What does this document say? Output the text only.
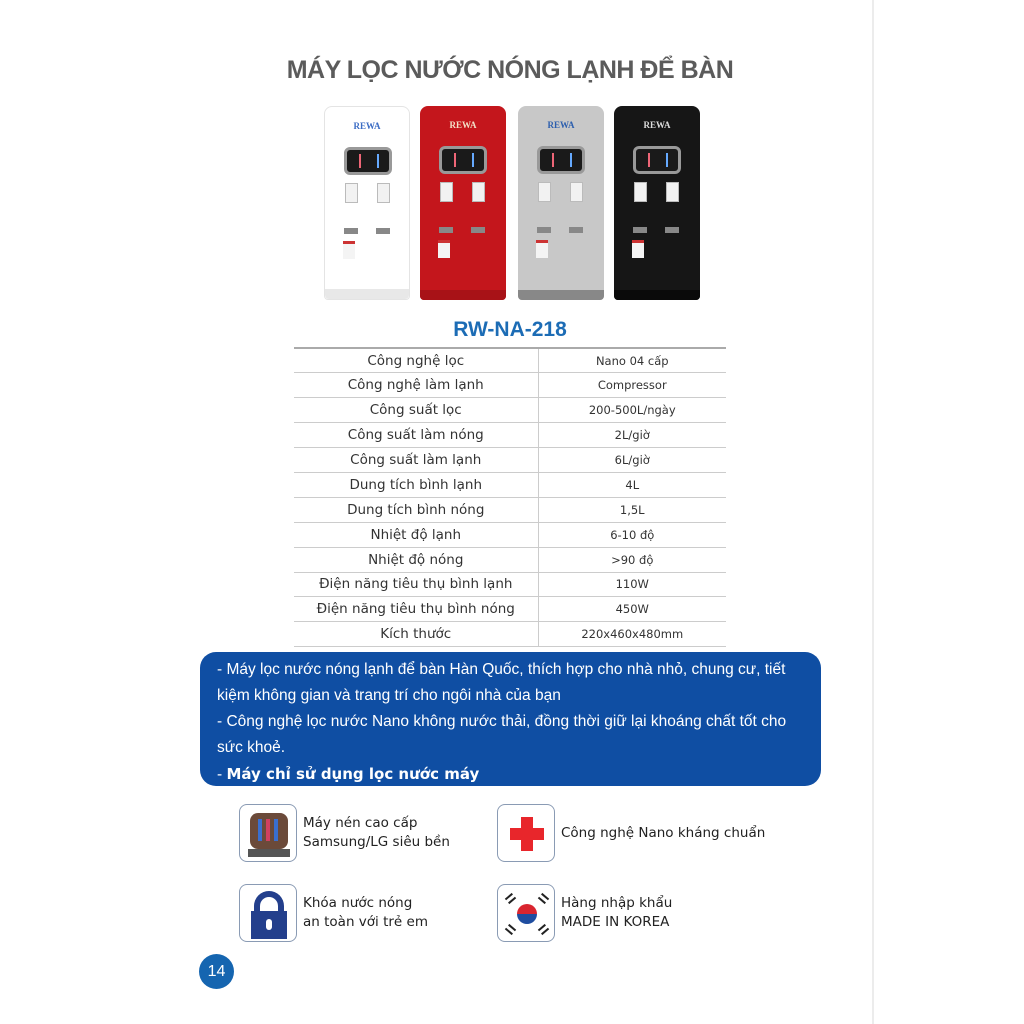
MÁY LỌC NƯỚC NÓNG LẠNH ĐỂ BÀN
REWA	REWA	REWA	REWA
RW-NA-218
Công nghệ lọc	Nano 04 cấp
Công nghệ làm lạnh	Compressor
Công suất lọc	200-500L/ngày
Công suất làm nóng	2L/giờ
Công suất làm lạnh	6L/giờ
Dung tích bình lạnh	4L
Dung tích bình nóng	1,5L
Nhiệt độ lạnh	6-10 độ
Nhiệt độ nóng	>90 độ
Điện năng tiêu thụ bình lạnh	110W
Điện năng tiêu thụ bình nóng	450W
Kích thước	220x460x480mm
- Máy lọc nước nóng lạnh để bàn Hàn Quốc, thích hợp cho nhà nhỏ, chung cư, tiết kiệm không gian và trang trí cho ngôi nhà của bạn
- Công nghệ lọc nước Nano không nước thải, đồng thời giữ lại khoáng chất tốt cho sức khoẻ.
- Máy chỉ sử dụng lọc nước máy
Máy nén cao cấp
Samsung/LG siêu bền
Công nghệ Nano kháng chuẩn
Khóa nước nóng
an toàn với trẻ em
Hàng nhập khẩu
MADE IN KOREA
14
